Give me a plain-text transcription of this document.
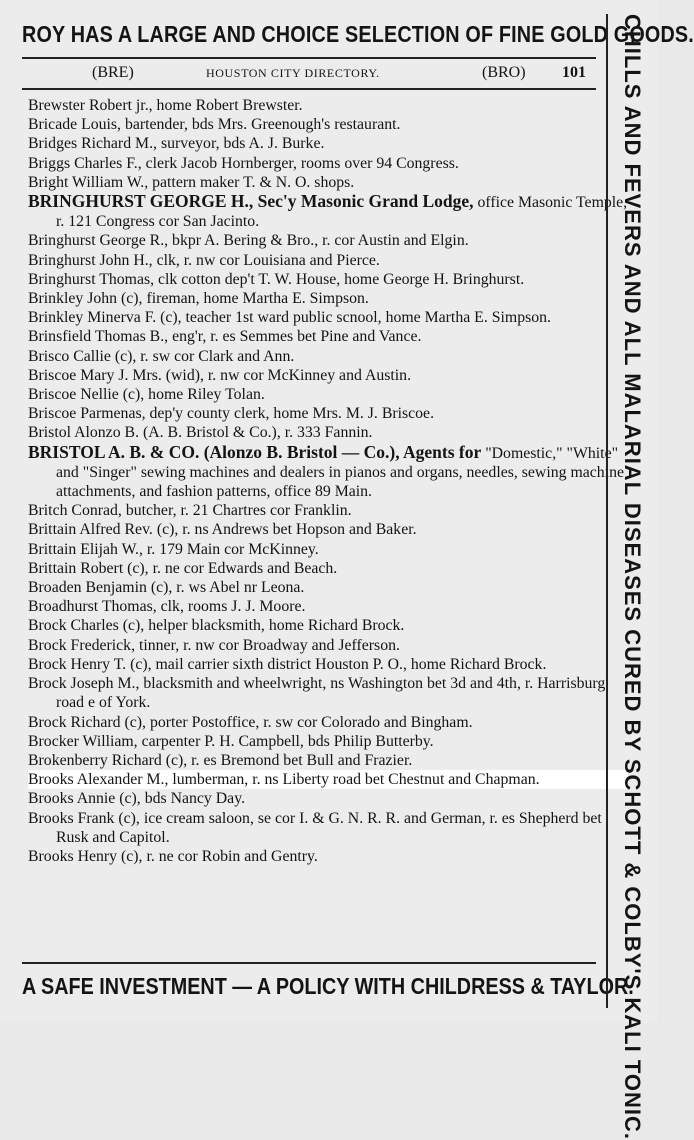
ROY HAS A LARGE AND CHOICE SELECTION OF FINE GOLD GOODS.
(BRE)	HOUSTON CITY DIRECTORY.	(BRO) 101
Brewster Robert jr., home Robert Brewster.
Bricade Louis, bartender, bds Mrs. Greenough's restaurant.
Bridges Richard M., surveyor, bds A. J. Burke.
Briggs Charles F., clerk Jacob Hornberger, rooms over 94 Congress.
Bright William W., pattern maker T. & N. O. shops.
BRINGHURST GEORGE H., Sec'y Masonic Grand Lodge, office Masonic Temple, r. 121 Congress cor San Jacinto.
Bringhurst George R., bkpr A. Bering & Bro., r. cor Austin and Elgin.
Bringhurst John H., clk, r. nw cor Louisiana and Pierce.
Bringhurst Thomas, clk cotton dep't T. W. House, home George H. Bringhurst.
Brinkley John (c), fireman, home Martha E. Simpson.
Brinkley Minerva F. (c), teacher 1st ward public scnool, home Martha E. Simpson.
Brinsfield Thomas B., eng'r, r. es Semmes bet Pine and Vance.
Brisco Callie (c), r. sw cor Clark and Ann.
Briscoe Mary J. Mrs. (wid), r. nw cor McKinney and Austin.
Briscoe Nellie (c), home Riley Tolan.
Briscoe Parmenas, dep'y county clerk, home Mrs. M. J. Briscoe.
Bristol Alonzo B. (A. B. Bristol & Co.), r. 333 Fannin.
BRISTOL A. B. & CO. (Alonzo B. Bristol — Co.), Agents for "Domestic," "White" and "Singer" sewing machines and dealers in pianos and organs, needles, sewing machine attachments, and fashion patterns, office 89 Main.
Britch Conrad, butcher, r. 21 Chartres cor Franklin.
Brittain Alfred Rev. (c), r. ns Andrews bet Hopson and Baker.
Brittain Elijah W., r. 179 Main cor McKinney.
Brittain Robert (c), r. ne cor Edwards and Beach.
Broaden Benjamin (c), r. ws Abel nr Leona.
Broadhurst Thomas, clk, rooms J. J. Moore.
Brock Charles (c), helper blacksmith, home Richard Brock.
Brock Frederick, tinner, r. nw cor Broadway and Jefferson.
Brock Henry T. (c), mail carrier sixth district Houston P. O., home Richard Brock.
Brock Joseph M., blacksmith and wheelwright, ns Washington bet 3d and 4th, r. Harrisburg road e of York.
Brock Richard (c), porter Postoffice, r. sw cor Colorado and Bingham.
Brocker William, carpenter P. H. Campbell, bds Philip Butterby.
Brokenberry Richard (c), r. es Bremond bet Bull and Frazier.
Brooks Alexander M., lumberman, r. ns Liberty road bet Chestnut and Chapman.
Brooks Annie (c), bds Nancy Day.
Brooks Frank (c), ice cream saloon, se cor I. & G. N. R. R. and German, r. es Shepherd bet Rusk and Capitol.
Brooks Henry (c), r. ne cor Robin and Gentry.
A SAFE INVESTMENT — A POLICY WITH CHILDRESS & TAYLOR.
CHILLS AND FEVERS AND ALL MALARIAL DISEASES CURED BY SCHOTT & COLBY'S KALI TONIC.
